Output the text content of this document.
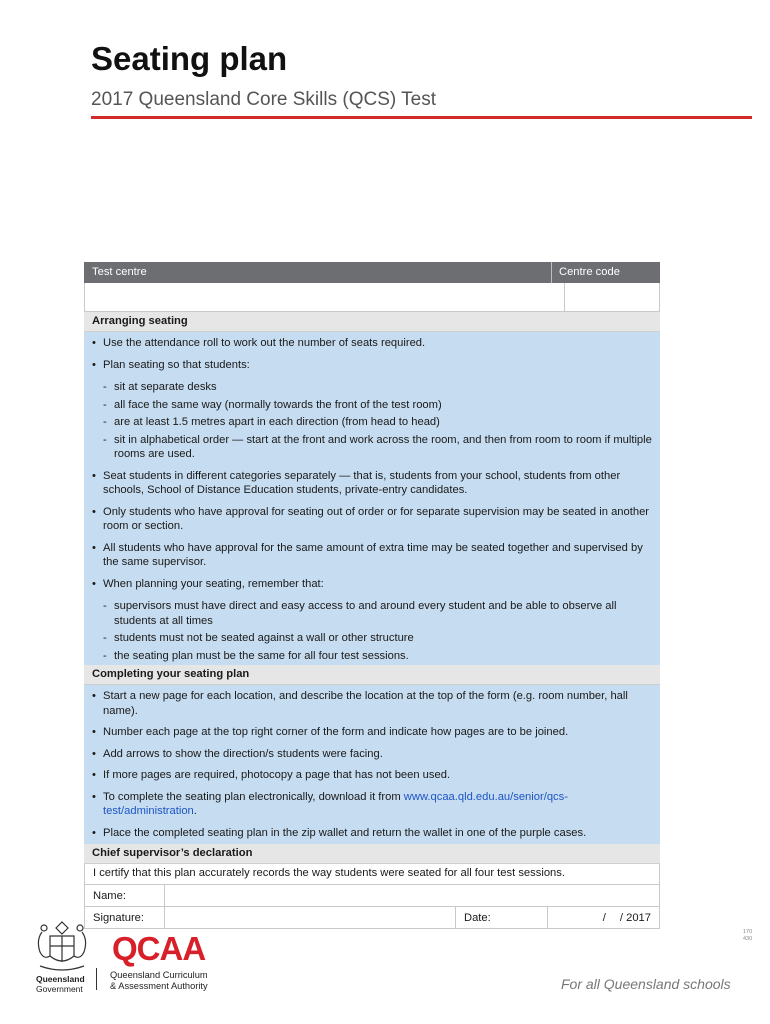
Seating plan
2017 Queensland Core Skills (QCS) Test
Test centre	Centre code
Arranging seating
• Use the attendance roll to work out the number of seats required.
• Plan seating so that students:
- sit at separate desks
- all face the same way (normally towards the front of the test room)
- are at least 1.5 metres apart in each direction (from head to head)
- sit in alphabetical order — start at the front and work across the room, and then from room to room if multiple rooms are used.
• Seat students in different categories separately — that is, students from your school, students from other schools, School of Distance Education students, private-entry candidates.
• Only students who have approval for seating out of order or for separate supervision may be seated in another room or section.
• All students who have approval for the same amount of extra time may be seated together and supervised by the same supervisor.
• When planning your seating, remember that:
- supervisors must have direct and easy access to and around every student and be able to observe all students at all times
- students must not be seated against a wall or other structure
- the seating plan must be the same for all four test sessions.
Completing your seating plan
• Start a new page for each location, and describe the location at the top of the form (e.g. room number, hall name).
• Number each page at the top right corner of the form and indicate how pages are to be joined.
• Add arrows to show the direction/s students were facing.
• If more pages are required, photocopy a page that has not been used.
• To complete the seating plan electronically, download it from www.qcaa.qld.edu.au/senior/qcs-test/administration.
• Place the completed seating plan in the zip wallet and return the wallet in one of the purple cases.
Chief supervisor’s declaration
I certify that this plan accurately records the way students were seated for all four test sessions.
Name:
Signature:	Date:	/ / 2017
Queensland
Government
QCAA
Queensland Curriculum
& Assessment Authority
170
430
For all Queensland schools
